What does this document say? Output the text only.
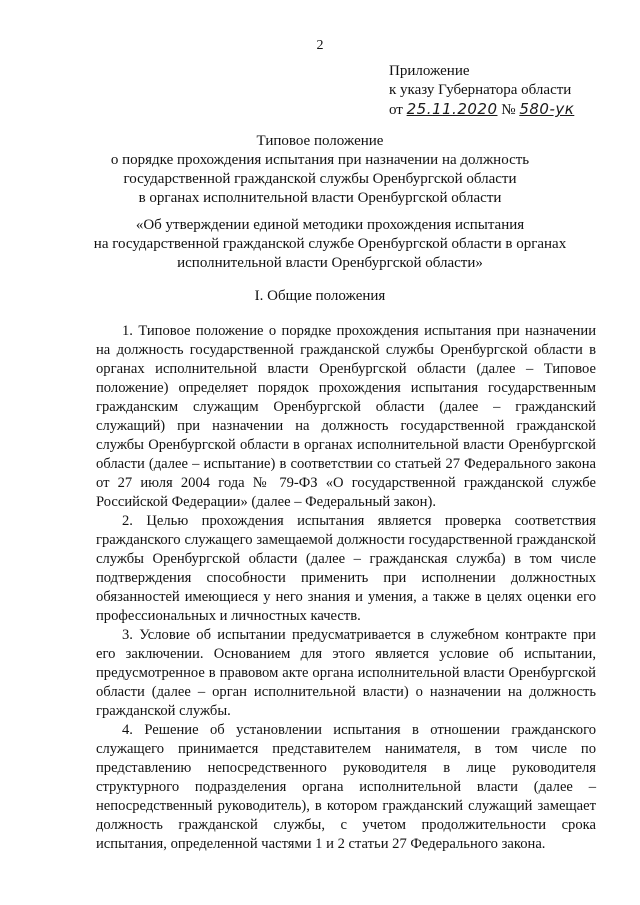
2
Приложение
к указу Губернатора области
от 25.11.2020 № 580-ук
Типовое положение
о порядке прохождения испытания при назначении на должность
государственной гражданской службы Оренбургской области
в органах исполнительной власти Оренбургской области
«Об утверждении единой методики прохождения испытания
на государственной гражданской службе Оренбургской области в органах
исполнительной власти Оренбургской области»
I. Общие положения

1. Типовое положение о порядке прохождения испытания при назначении на должность государственной гражданской службы Оренбургской области в органах исполнительной власти Оренбургской области (далее – Типовое положение) определяет порядок прохождения испытания государственным гражданским служащим Оренбургской области (далее – гражданский служащий) при назначении на должность государственной гражданской службы Оренбургской области в органах исполнительной власти Оренбургской области (далее – испытание) в соответствии со статьей 27 Федерального закона от 27 июля 2004 года № 79-ФЗ «О государственной гражданской службе Российской Федерации» (далее – Федеральный закон).

2. Целью прохождения испытания является проверка соответствия гражданского служащего замещаемой должности государственной гражданской службы Оренбургской области (далее – гражданская служба) в том числе подтверждения способности применить при исполнении должностных обязанностей имеющиеся у него знания и умения, а также в целях оценки его профессиональных и личностных качеств.

3. Условие об испытании предусматривается в служебном контракте при его заключении. Основанием для этого является условие об испытании, предусмотренное в правовом акте органа исполнительной власти Оренбургской области (далее – орган исполнительной власти) о назначении на должность гражданской службы.

4. Решение об установлении испытания в отношении гражданского служащего принимается представителем нанимателя, в том числе по представлению непосредственного руководителя в лице руководителя структурного подразделения органа исполнительной власти (далее – непосредственный руководитель), в котором гражданский служащий замещает должность гражданской службы, с учетом продолжительности срока испытания, определенной частями 1 и 2 статьи 27 Федерального закона.
